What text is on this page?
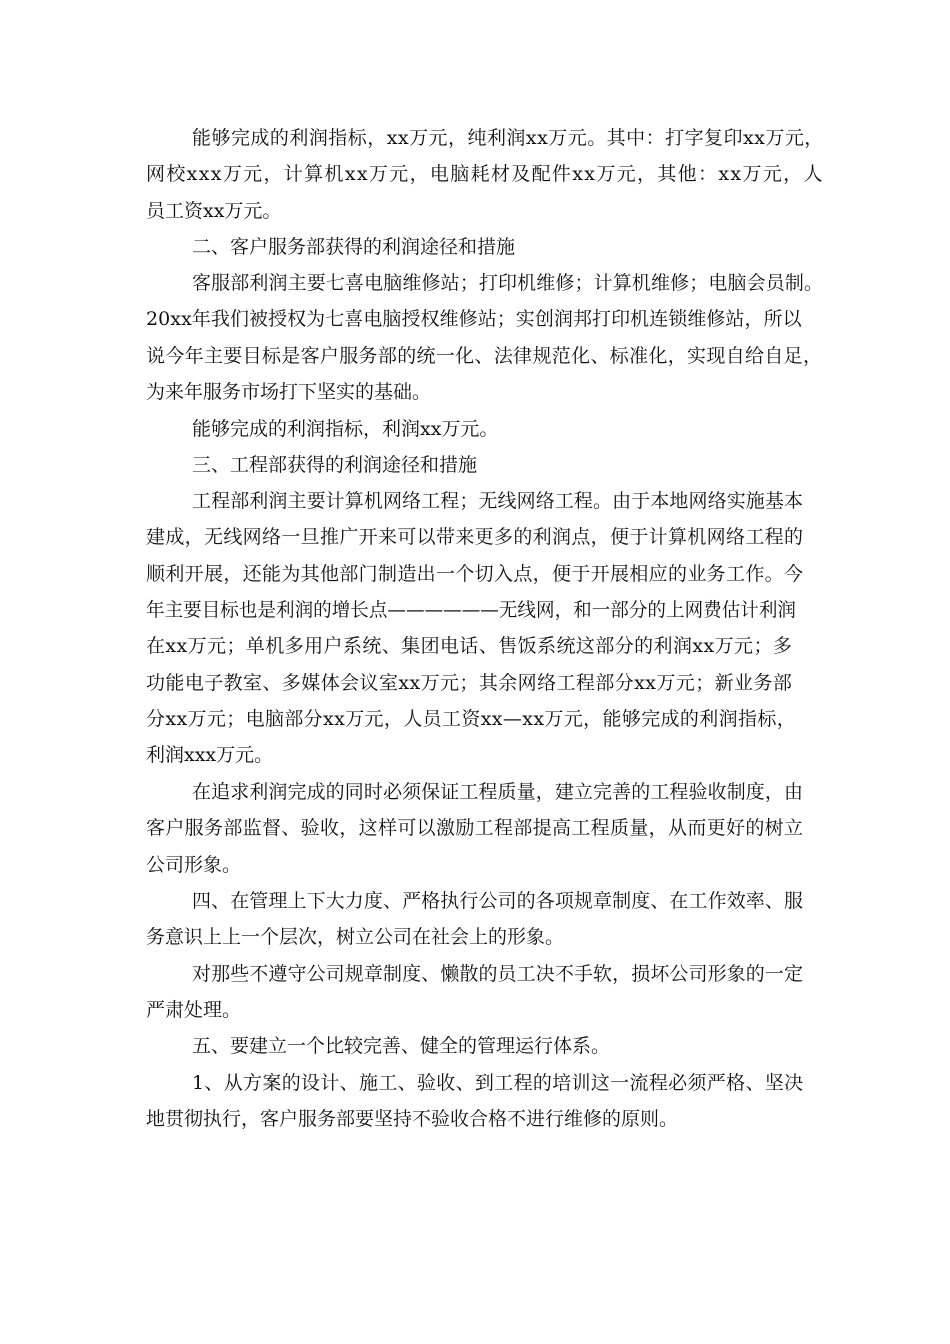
能够完成的利润指标，xx万元，纯利润xx万元。其中：打字复印xx万元，
网校xxx万元，计算机xx万元，电脑耗材及配件xx万元，其他：xx万元，人
员工资xx万元。
二、客户服务部获得的利润途径和措施
客服部利润主要七喜电脑维修站；打印机维修；计算机维修；电脑会员制。
20xx年我们被授权为七喜电脑授权维修站；实创润邦打印机连锁维修站，所以
说今年主要目标是客户服务部的统一化、法律规范化、标准化，实现自给自足，
为来年服务市场打下坚实的基础。
能够完成的利润指标，利润xx万元。
三、工程部获得的利润途径和措施
工程部利润主要计算机网络工程；无线网络工程。由于本地网络实施基本
建成，无线网络一旦推广开来可以带来更多的利润点，便于计算机网络工程的
顺利开展，还能为其他部门制造出一个切入点，便于开展相应的业务工作。今
年主要目标也是利润的增长点——————无线网，和一部分的上网费估计利润
在xx万元；单机多用户系统、集团电话、售饭系统这部分的利润xx万元；多
功能电子教室、多媒体会议室xx万元；其余网络工程部分xx万元；新业务部
分xx万元；电脑部分xx万元，人员工资xx—xx万元，能够完成的利润指标，
利润xxx万元。
在追求利润完成的同时必须保证工程质量，建立完善的工程验收制度，由
客户服务部监督、验收，这样可以激励工程部提高工程质量，从而更好的树立
公司形象。
四、在管理上下大力度、严格执行公司的各项规章制度、在工作效率、服
务意识上上一个层次，树立公司在社会上的形象。
对那些不遵守公司规章制度、懒散的员工决不手软，损坏公司形象的一定
严肃处理。
五、要建立一个比较完善、健全的管理运行体系。
1、从方案的设计、施工、验收、到工程的培训这一流程必须严格、坚决
地贯彻执行，客户服务部要坚持不验收合格不进行维修的原则。
